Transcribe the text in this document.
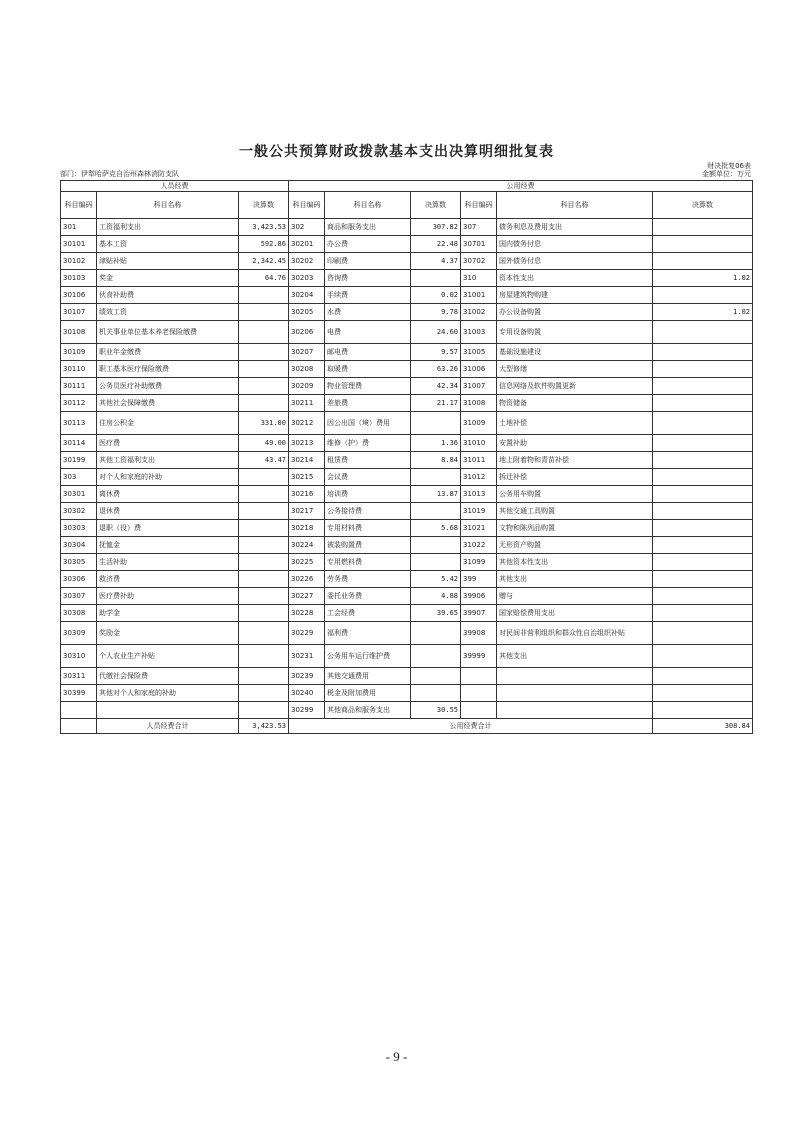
一般公共预算财政拨款基本支出决算明细批复表
财决批复06表
部门：伊犁哈萨克自治州森林消防支队	金额单位：万元
人员经费			公用经费					
科目编码	科目名称	决算数	科目编码	科目名称	决算数	科目编码	科目名称	决算数
301	工资福利支出	3,423.53	302	商品和服务支出	307.82	307	债务利息及费用支出	
30101	基本工资	592.86	30201	办公费	22.48	30701	国内债务付息	
30102	津贴补贴	2,342.45	30202	印刷费	4.37	30702	国外债务付息	
30103	奖金	64.76	30203	咨询费		310	资本性支出	1.02
30106	伙食补助费		30204	手续费	0.02	31001	房屋建筑物购建	
30107	绩效工资		30205	水费	9.78	31002	办公设备购置	1.02
30108	机关事业单位基本养老保险缴费		30206	电费	24.60	31003	专用设备购置	
30109	职业年金缴费		30207	邮电费	9.57	31005	基础设施建设	
30110	职工基本医疗保险缴费		30208	取暖费	63.26	31006	大型修缮	
30111	公务员医疗补助缴费		30209	物业管理费	42.34	31007	信息网络及软件购置更新	
30112	其他社会保障缴费		30211	差旅费	21.17	31008	物资储备	
30113	住房公积金	331.00	30212	因公出国（境）费用		31009	土地补偿	
30114	医疗费	49.00	30213	维修（护）费	1.36	31010	安置补助	
30199	其他工资福利支出	43.47	30214	租赁费	8.84	31011	地上附着物和青苗补偿	
303	对个人和家庭的补助		30215	会议费		31012	拆迁补偿	
30301	离休费		30216	培训费	13.87	31013	公务用车购置	
30302	退休费		30217	公务接待费		31019	其他交通工具购置	
30303	退职（役）费		30218	专用材料费	5.68	31021	文物和陈列品购置	
30304	抚恤金		30224	被装购置费		31022	无形资产购置	
30305	生活补助		30225	专用燃料费		31099	其他资本性支出	
30306	救济费		30226	劳务费	5.42	399	其他支出	
30307	医疗费补助		30227	委托业务费	4.88	39906	赠与	
30308	助学金		30228	工会经费	39.65	39907	国家赔偿费用支出	
30309	奖励金		30229	福利费		39908	对民间非营利组织和群众性自治组织补贴	
30310	个人农业生产补贴		30231	公务用车运行维护费		39999	其他支出	
30311	代缴社会保险费		30239	其他交通费用				
30399	其他对个人和家庭的补助		30240	税金及附加费用				
			30299	其他商品和服务支出	30.55			
	人员经费合计	3,423.53	公用经费合计					308.84
- 9 -
